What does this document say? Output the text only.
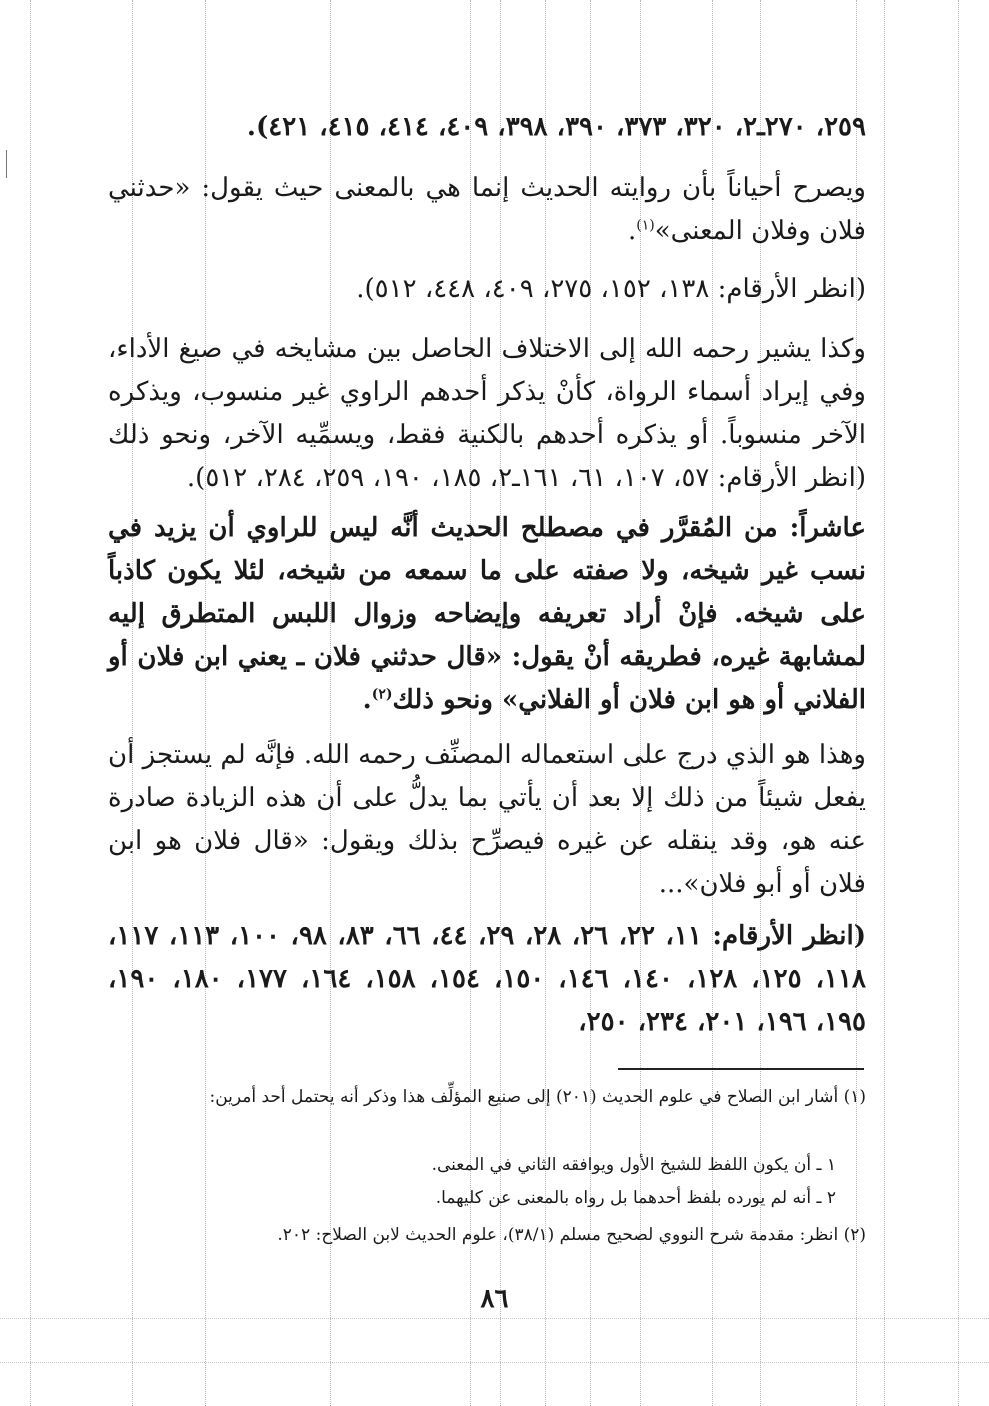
٢٥٩، ٢٧٠ـ٢، ٣٢٠، ٣٧٣، ٣٩٠، ٣٩٨، ٤٠٩، ٤١٤، ٤١٥، ٤٢١).

ويصرح أحياناً بأن روايته الحديث إنما هي بالمعنى حيث يقول: «حدثني فلان وفلان المعنى»$^{(١)}$.

(انظر الأرقام: ١٣٨، ١٥٢، ٢٧٥، ٤٠٩، ٤٤٨، ٥١٢).

وكذا يشير رحمه الله إلى الاختلاف الحاصل بين مشايخه في صيغ الأداء، وفي إيراد أسماء الرواة، كأنْ يذكر أحدهم الراوي غير منسوب، ويذكره الآخر منسوباً. أو يذكره أحدهم بالكنية فقط، ويسمِّيه الآخر، ونحو ذلك (انظر الأرقام: ٥٧، ١٠٧، ٦١، ١٦١ـ٢، ١٨٥، ١٩٠، ٢٥٩، ٢٨٤، ٥١٢).

عاشراً: من المُقرَّر في مصطلح الحديث أنَّه ليس للراوي أن يزيد في نسب غير شيخه، ولا صفته على ما سمعه من شيخه، لئلا يكون كاذباً على شيخه. فإنْ أراد تعريفه وإيضاحه وزوال اللبس المتطرق إليه لمشابهة غيره، فطريقه أنْ يقول: «قال حدثني فلان ـ يعني ابن فلان أو الفلاني أو هو ابن فلان أو الفلاني» ونحو ذلك$^{(٢)}$.

وهذا هو الذي درج على استعماله المصنِّف رحمه الله. فإنَّه لم يستجز أن يفعل شيئاً من ذلك إلا بعد أن يأتي بما يدلُّ على أن هذه الزيادة صادرة عنه هو، وقد ينقله عن غيره فيصرِّح بذلك ويقول: «قال فلان هو ابن فلان أو أبو فلان»...

(انظر الأرقام: ١١، ٢٢، ٢٦، ٢٨، ٢٩، ٤٤، ٦٦، ٨٣، ٩٨، ١٠٠، ١١٣، ١١٧، ١١٨، ١٢٥، ١٢٨، ١٤٠، ١٤٦، ١٥٠، ١٥٤، ١٥٨، ١٦٤، ١٧٧، ١٨٠، ١٩٠، ١٩٥، ١٩٦، ٢٠١، ٢٣٤، ٢٥٠،

(١) أشار ابن الصلاح في علوم الحديث (٢٠١) إلى صنيع المؤلِّف هذا وذكر أنه يحتمل أحد أمرين:

١ ـ أن يكون اللفظ للشيخ الأول ويوافقه الثاني في المعنى.

٢ ـ أنه لم يورده بلفظ أحدهما بل رواه بالمعنى عن كليهما.

(٢) انظر: مقدمة شرح النووي لصحيح مسلم (٣٨/١)، علوم الحديث لابن الصلاح: ٢٠٢.

٨٦
